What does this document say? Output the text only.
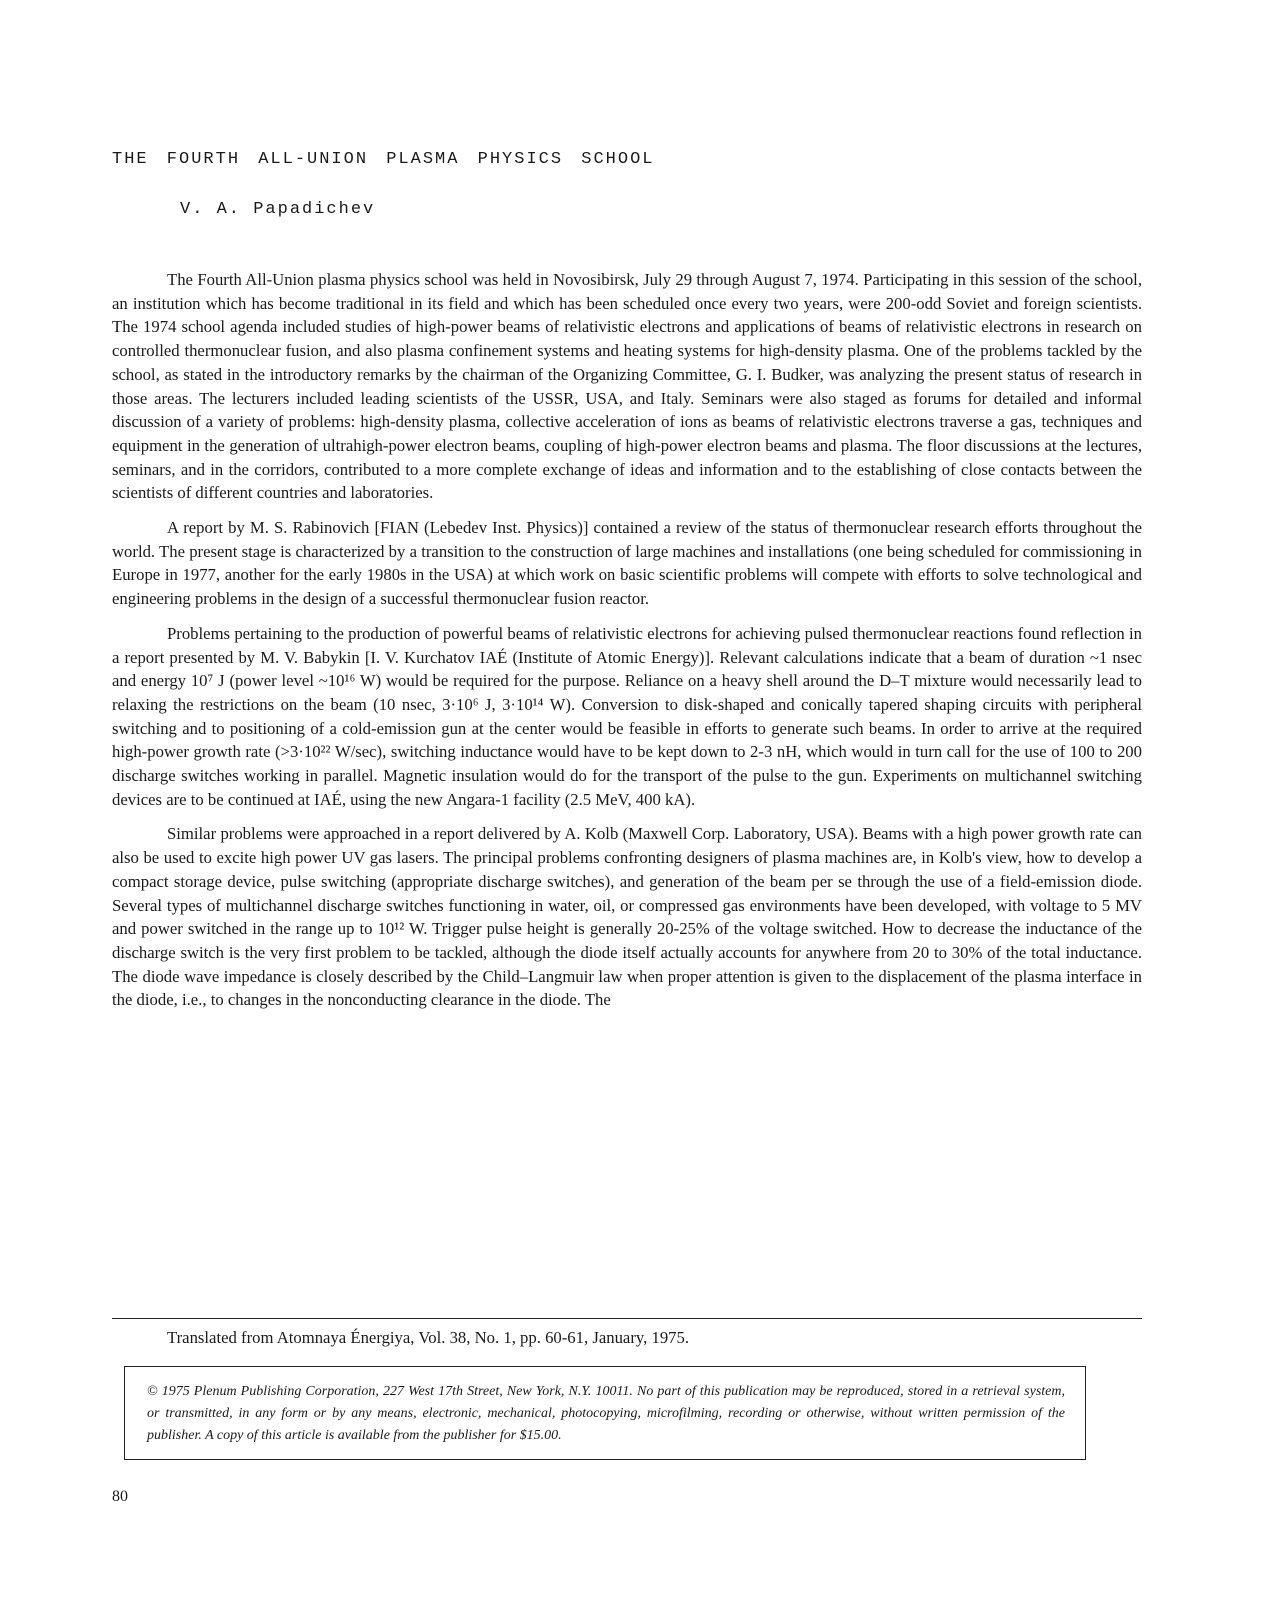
THE FOURTH ALL-UNION PLASMA PHYSICS SCHOOL
V. A. Papadichev

The Fourth All-Union plasma physics school was held in Novosibirsk, July 29 through August 7, 1974. Participating in this session of the school, an institution which has become traditional in its field and which has been scheduled once every two years, were 200-odd Soviet and foreign scientists. The 1974 school agenda included studies of high-power beams of relativistic electrons and applications of beams of relativistic electrons in research on controlled thermonuclear fusion, and also plasma confinement systems and heating systems for high-density plasma. One of the problems tackled by the school, as stated in the introductory remarks by the chairman of the Organizing Committee, G. I. Budker, was analyzing the present status of research in those areas. The lecturers included leading scientists of the USSR, USA, and Italy. Seminars were also staged as forums for detailed and informal discussion of a variety of problems: high-density plasma, collective acceleration of ions as beams of relativistic electrons traverse a gas, techniques and equipment in the generation of ultrahigh-power electron beams, coupling of high-power electron beams and plasma. The floor discussions at the lectures, seminars, and in the corridors, contributed to a more complete exchange of ideas and information and to the establishing of close contacts between the scientists of different countries and laboratories.

A report by M. S. Rabinovich [FIAN (Lebedev Inst. Physics)] contained a review of the status of thermonuclear research efforts throughout the world. The present stage is characterized by a transition to the construction of large machines and installations (one being scheduled for commissioning in Europe in 1977, another for the early 1980s in the USA) at which work on basic scientific problems will compete with efforts to solve technological and engineering problems in the design of a successful thermonuclear fusion reactor.

Problems pertaining to the production of powerful beams of relativistic electrons for achieving pulsed thermonuclear reactions found reflection in a report presented by M. V. Babykin [I. V. Kurchatov IAÉ (Institute of Atomic Energy)]. Relevant calculations indicate that a beam of duration ~1 nsec and energy 10⁷ J (power level ~10¹⁶ W) would be required for the purpose. Reliance on a heavy shell around the D–T mixture would necessarily lead to relaxing the restrictions on the beam (10 nsec, 3·10⁶ J, 3·10¹⁴ W). Conversion to disk-shaped and conically tapered shaping circuits with peripheral switching and to positioning of a cold-emission gun at the center would be feasible in efforts to generate such beams. In order to arrive at the required high-power growth rate (>3·10²² W/sec), switching inductance would have to be kept down to 2-3 nH, which would in turn call for the use of 100 to 200 discharge switches working in parallel. Magnetic insulation would do for the transport of the pulse to the gun. Experiments on multichannel switching devices are to be continued at IAÉ, using the new Angara-1 facility (2.5 MeV, 400 kA).

Similar problems were approached in a report delivered by A. Kolb (Maxwell Corp. Laboratory, USA). Beams with a high power growth rate can also be used to excite high power UV gas lasers. The principal problems confronting designers of plasma machines are, in Kolb's view, how to develop a compact storage device, pulse switching (appropriate discharge switches), and generation of the beam per se through the use of a field-emission diode. Several types of multichannel discharge switches functioning in water, oil, or compressed gas environments have been developed, with voltage to 5 MV and power switched in the range up to 10¹² W. Trigger pulse height is generally 20-25% of the voltage switched. How to decrease the inductance of the discharge switch is the very first problem to be tackled, although the diode itself actually accounts for anywhere from 20 to 30% of the total inductance. The diode wave impedance is closely described by the Child–Langmuir law when proper attention is given to the displacement of the plasma interface in the diode, i.e., to changes in the nonconducting clearance in the diode. The

Translated from Atomnaya Énergiya, Vol. 38, No. 1, pp. 60-61, January, 1975.
© 1975 Plenum Publishing Corporation, 227 West 17th Street, New York, N.Y. 10011. No part of this publication may be reproduced, stored in a retrieval system, or transmitted, in any form or by any means, electronic, mechanical, photocopying, microfilming, recording or otherwise, without written permission of the publisher. A copy of this article is available from the publisher for $15.00.
80
